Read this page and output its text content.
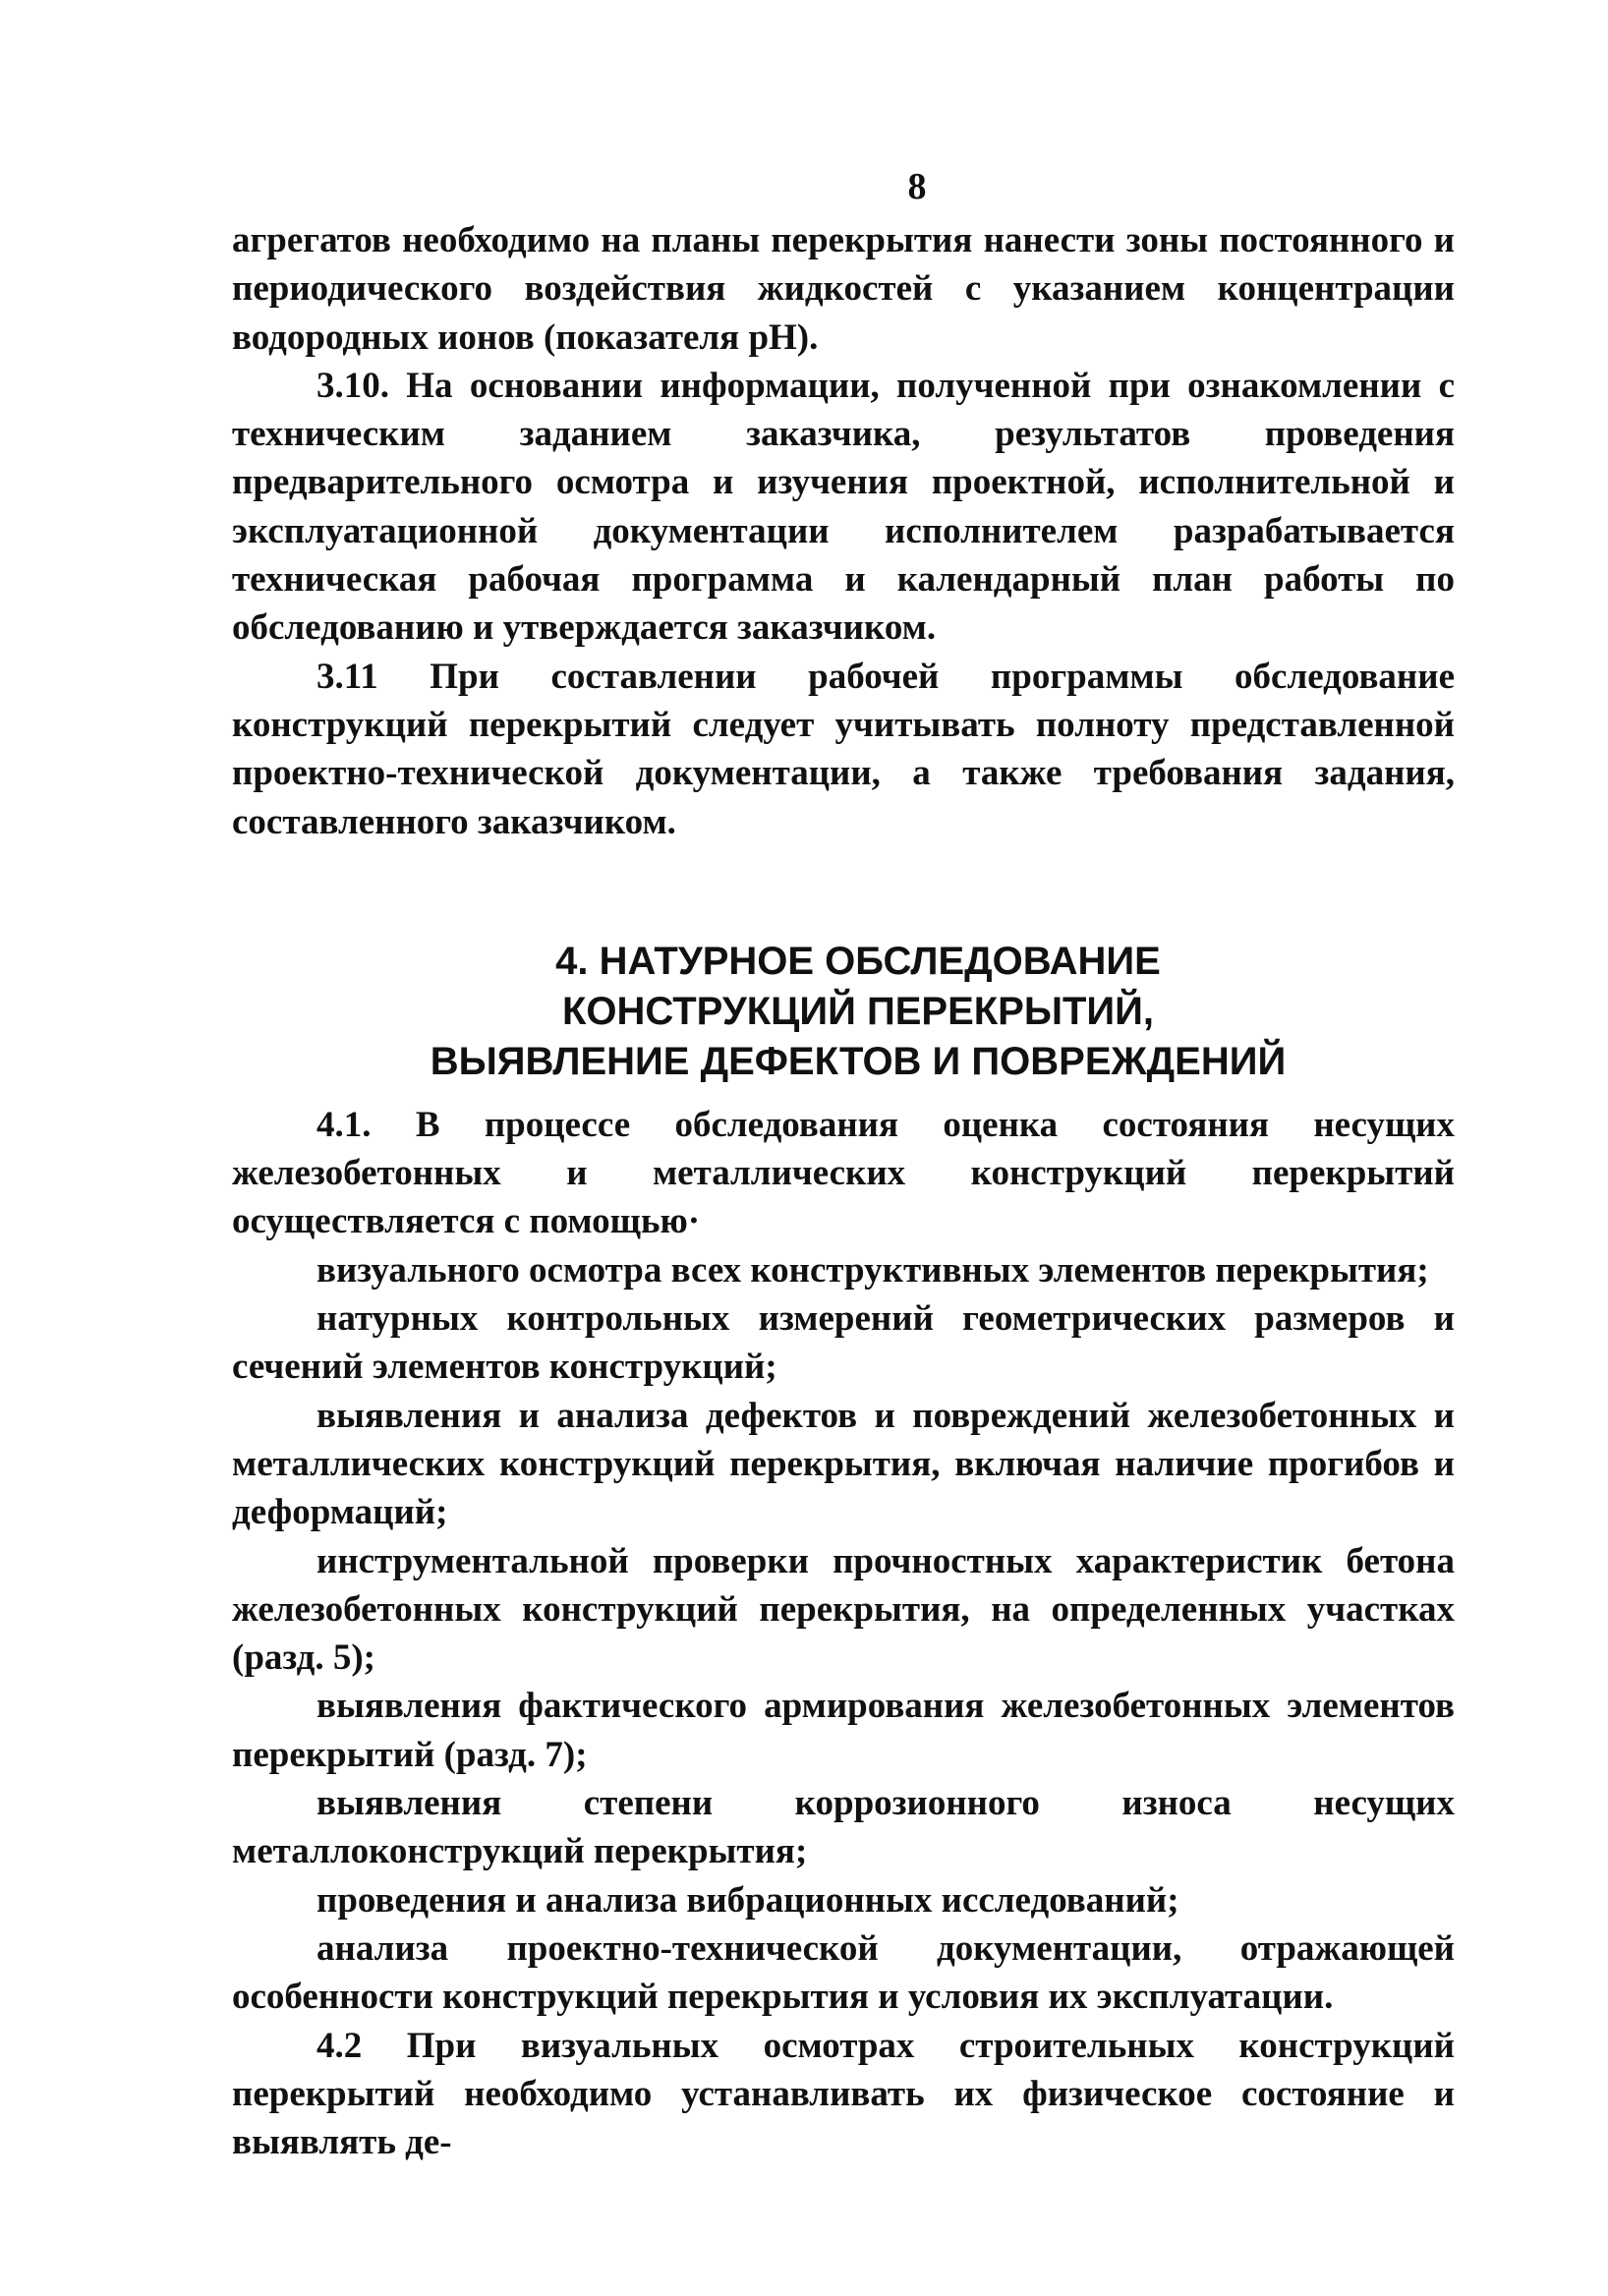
8

агрегатов необходимо на планы перекрытия нанести зоны постоянного и периодического воздействия жидкостей с указанием концентрации водородных ионов (показателя pH).

3.10. На основании информации, полученной при ознакомлении с техническим заданием заказчика, результатов проведения предварительного осмотра и изучения проектной, исполнительной и эксплуатационной документации исполнителем разрабатывается техническая рабочая программа и календарный план работы по обследованию и утверждается заказчиком.

3.11 При составлении рабочей программы обследование конструкций перекрытий следует учитывать полноту представленной проектно-технической документации, а также требования задания, составленного заказчиком.

4. НАТУРНОЕ ОБСЛЕДОВАНИЕ
КОНСТРУКЦИЙ ПЕРЕКРЫТИЙ,
ВЫЯВЛЕНИЕ ДЕФЕКТОВ И ПОВРЕЖДЕНИЙ

4.1. В процессе обследования оценка состояния несущих железобетонных и металлических конструкций перекрытий осуществляется с помощью·

визуального осмотра всех конструктивных элементов перекрытия;
натурных контрольных измерений геометрических размеров и сечений элементов конструкций;
выявления и анализа дефектов и повреждений железобетонных и металлических конструкций перекрытия, включая наличие прогибов и деформаций;
инструментальной проверки прочностных характеристик бетона железобетонных конструкций перекрытия, на определенных участках (разд. 5);
выявления фактического армирования железобетонных элементов перекрытий (разд. 7);
выявления степени коррозионного износа несущих металлоконструкций перекрытия;
проведения и анализа вибрационных исследований;
анализа проектно-технической документации, отражающей особенности конструкций перекрытия и условия их эксплуатации.

4.2 При визуальных осмотрах строительных конструкций перекрытий необходимо устанавливать их физическое состояние и выявлять де-
